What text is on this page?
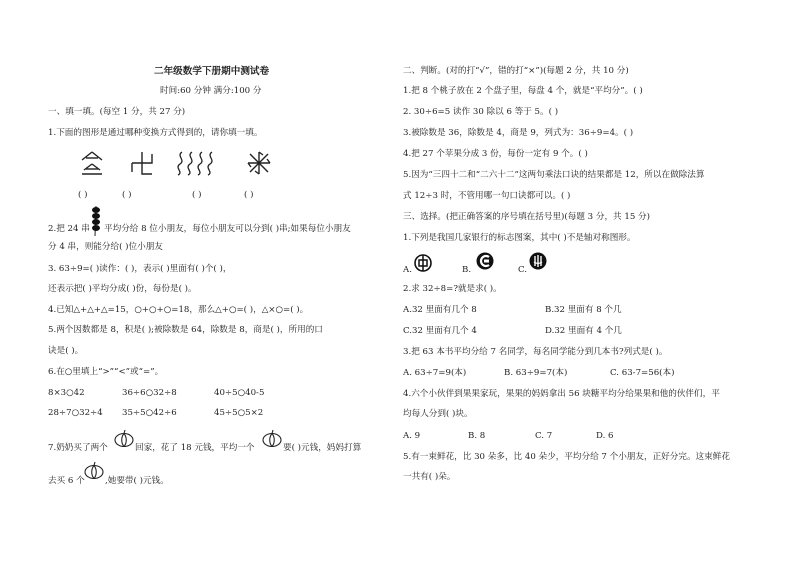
二年级数学下册期中测试卷
时间:60 分钟 满分:100 分
一、填一填。(每空 1 分，共 27 分)
1.下面的图形是通过哪种变换方式得到的，请你填一填。
( )	( )	( )	( )
2.把 24 串 平均分给 8 位小朋友，每位小朋友可以分到( )串;如果每位小朋友
分 4 串，则能分给( )位小朋友
3. 63÷9=( )读作：( )，表示( )里面有( )个( )，
还表示把( )平均分成( )份，每份是( )。
4.已知△+△+△=15，○+○+○=18，那么△+○=( )，△×○=( )。
5.两个因数都是 8，积是( );被除数是 64，除数是 8，商是( )，所用的口
诀是( )。
6.在○里填上“>”“<”或“=”。
8×3○42	36÷6○32÷8	40÷5○40-5
28÷7○32÷4 35÷5○42÷6	45÷5○5×2
7.奶奶买了两个	回家，花了 18 元钱，平均一个	要( )元钱，妈妈打算
去买 6 个 ,她要带( )元钱。
二、判断。(对的打“√”，错的打“×”)(每题 2 分，共 10 分)
1.把 8 个桃子放在 2 个盘子里，每盘 4 个，就是“平均分”。( )
2. 30÷6=5 读作 30 除以 6 等于 5。( )
3.被除数是 36，除数是 4，商是 9，列式为：36÷9=4。( )
4.把 27 个苹果分成 3 份，每份一定有 9 个。( )
5.因为“三四十二和“二六十二”这两句乘法口诀的结果都是 12，所以在做除法算
式 12÷3 时，不管用哪一句口诀都可以。( )
三、选择。(把正确答案的序号填在括号里)(每题 3 分，共 15 分)
1.下列是我国几家银行的标志图案，其中( )不是轴对称图形。
A.	B.	C.
2.求 32÷8=?就是求( )。
A.32 里面有几个 8	B.32 里面有 8 个几
C.32 里面有几个 4	D.32 里面有 4 个几
3.把 63 本书平均分给 7 名同学，每名同学能分到几本书?列式是( )。
A. 63÷7=9(本)	B. 63÷9=7(本)	C. 63-7=56(本)
4.六个小伙伴到果果家玩，果果的妈妈拿出 56 块糖平均分给果果和他的伙伴们，平
均每人分到( )块。
A. 9	B. 8	C. 7	D. 6
5.有一束鲜花，比 30 朵多，比 40 朵少，平均分给 7 个小朋友，正好分完。这束鲜花
一共有( )朵。
